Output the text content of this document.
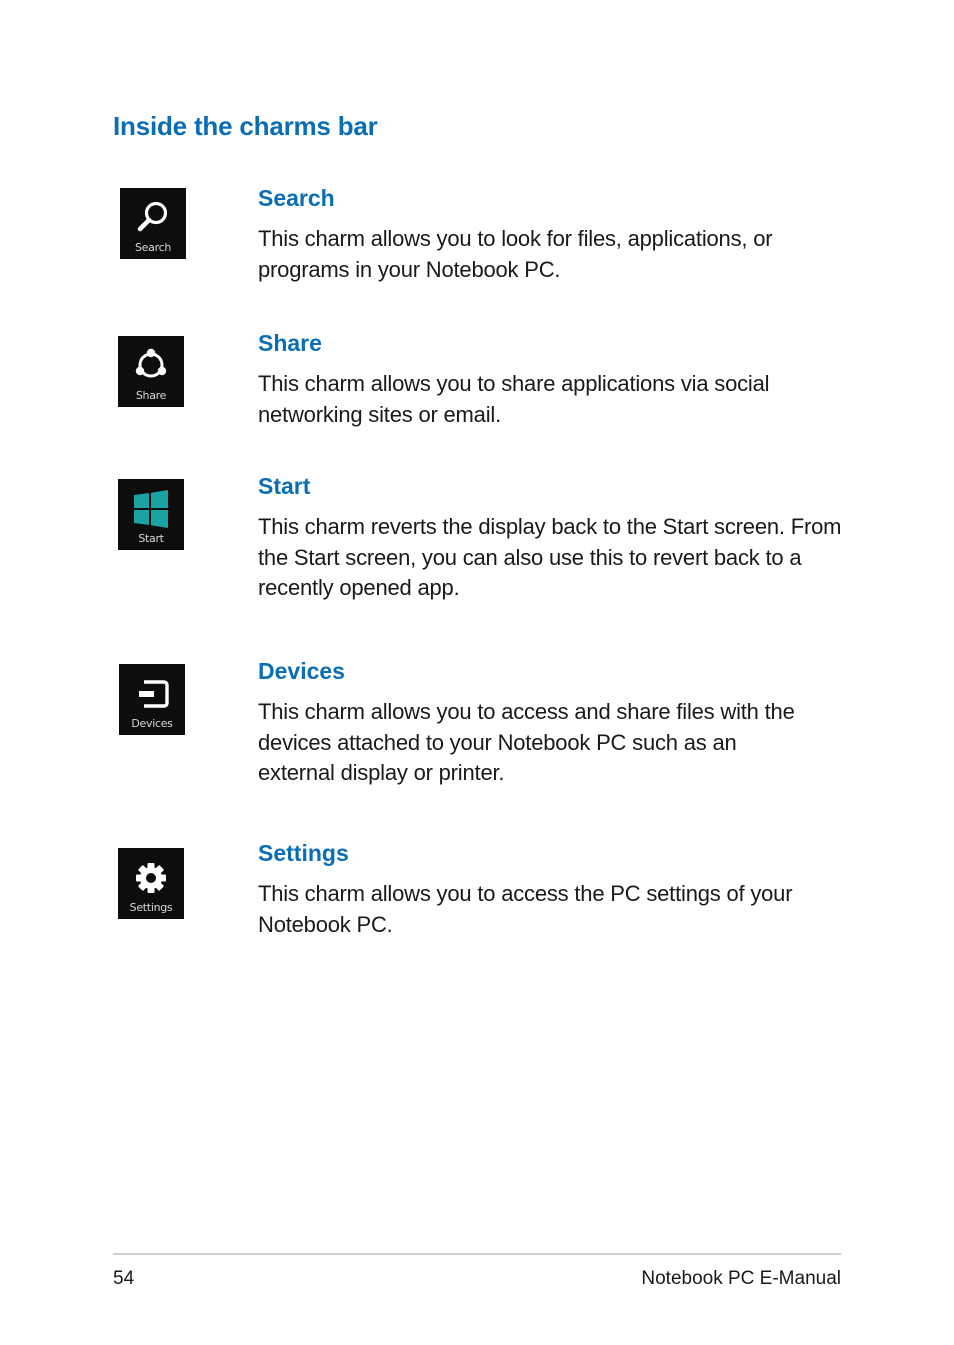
Inside the charms bar
Search
Search

This charm allows you to look for files, applications, or programs in your Notebook PC.

Share
Share

This charm allows you to share applications via social networking sites or email.

Start
Start

This charm reverts the display back to the Start screen. From the Start screen, you can also use this to revert back to a recently opened app.

Devices
Devices

This charm allows you to access and share files with the devices attached to your Notebook PC such as an external display or printer.

Settings
Settings

This charm allows you to access the PC settings of your Notebook PC.

54	Notebook PC E-Manual
